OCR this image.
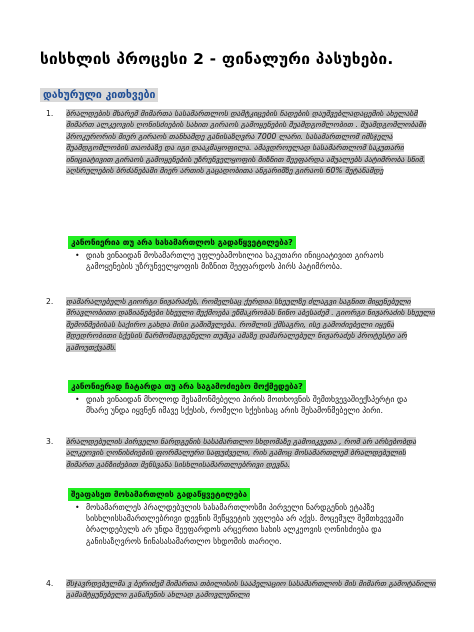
სისხლის პროცესი 2 - ფინალური პასუხები.
დახურული კითხვები
1. ბრალდების მხარემ მიმართა სასამართლოს დამტკიცების ნადების დაუშვებლადაცემის ახელასმ მიმართ ალკეოვის ღონისძიების სახით გირაოს გამოყენების შუამდგომლობით . შუამდგომლობაში პროკურორის მიერ გირაოს თანხამდე განისაზღვრა 7000 ლარი. სასამართლომ იმსჯელა შუამდგომლობის თაობაზე და იგი დააკმაყოფილა. ამავდროულად სასამართლომ საკუთარი ინიციატივით გირაოს გამოყენების უზრუნველყოფის მიზნით შეეფარდა ამუალებს პატიმრობა სნიმ. აღსრულების ბრძანებაში მიერ ართის გაცადობითა ანგარიშზე გირაოს 60% შეტანამდე
კანონიერია თუ არა სასამართლოს გადაწყვეტილება?
• დიახ ვინაიდან მოსამართლე უფლებამოსილია საკუთარი ინიციატივით გირაოს გამოყენების უზრუნველყოფის მიზნით შეეფარდოს პირს პატიმრობა.
2. დამარალებულს გიორგი ნიჟარაძეს, რომელსაც ქურდია სხეულზე ძლაგვი საგნით მიყენებული მრავლობითი დაზიანებები სხეული მუქმოება ეწმაკრობას ნინო აბესაძემ . გიორგი ნიჟარაძის სხეული შემონმებისას საქირო გახდა მისი გაშიშვლება. რომლის ქმსაგრი, ისე გამოძიებელი იყენა მდედრობითი სქესის წარმომადგენელი თუმცა ამაზე დამარალებულ ნიჟარაძეს პროტესტი არ გამოუთქვამს.
კანონიერად ჩატარდა თუ არა საგამოძიებო მოქმედება?
• დიახ ვინაიდან მხოლოდ შესამონმებელი პირის მოთხოვნის შემთხვევაშიექსპერტი და მხარე უნდა იყვნენ იმავე სქესის, რომელი სქესისაც არის შესამონმებელი პირი.
3. ბრალდებულის პირველი ნარდგენის სასამართლო სხდომაზე გამოიკვეთა , რომ არ არსებობდა ალკეოვის ღონისძიების ფორმალური საფუძველი, რის გამოც მოსამართლემ ბრალდებულის მიმართ განზიძებით მენსვანა სისხლისამართლებრივი დევნა.
შეაფასეთ მოსამართლის გადაწყვეტილება
• მოსამართლეს პრალდებულის სასამართლოსმი პირველი ნარდგენის ეტაპზე სისხლისსამართლებრივი დევნის შეწყვეტის უფლება არ აქვს. მოცემულ შემთხვევაში ბრალდებულს არ უნდა შეეფარდოს არცერთი სახის ალკეოვის ღონისძიება და განისაზღვროს ნინასასამართლო სხდომის თარიღი.
4. მსჯავრდებულმა ვ ბერიძემ მიმართა თბილისის სააპელაციო სასამართლოს მის მიმართ გამოტანილი გამამტყუნებელი განაჩენის ახლად გამოვლენილი
